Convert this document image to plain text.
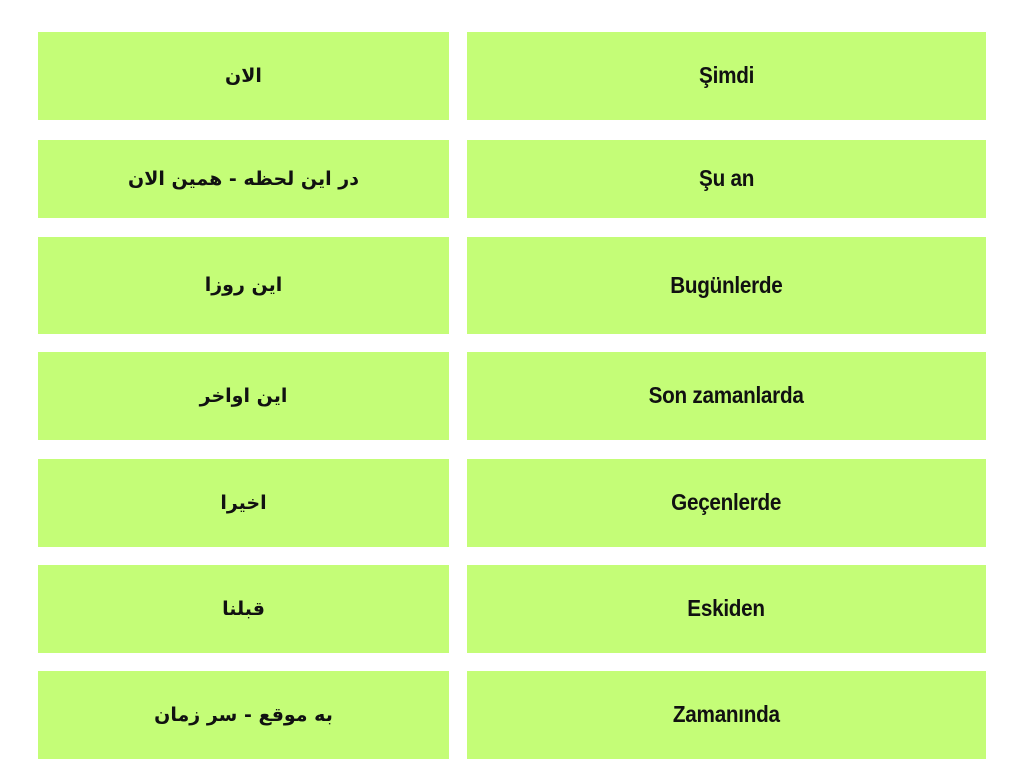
الان	Şimdi
در این لحظه - همین الان	Şu an
این روزا	Bugünlerde
این اواخر	Son zamanlarda
اخیرا	Geçenlerde
قبلنا	Eskiden
به موقع - سر زمان	Zamanında
